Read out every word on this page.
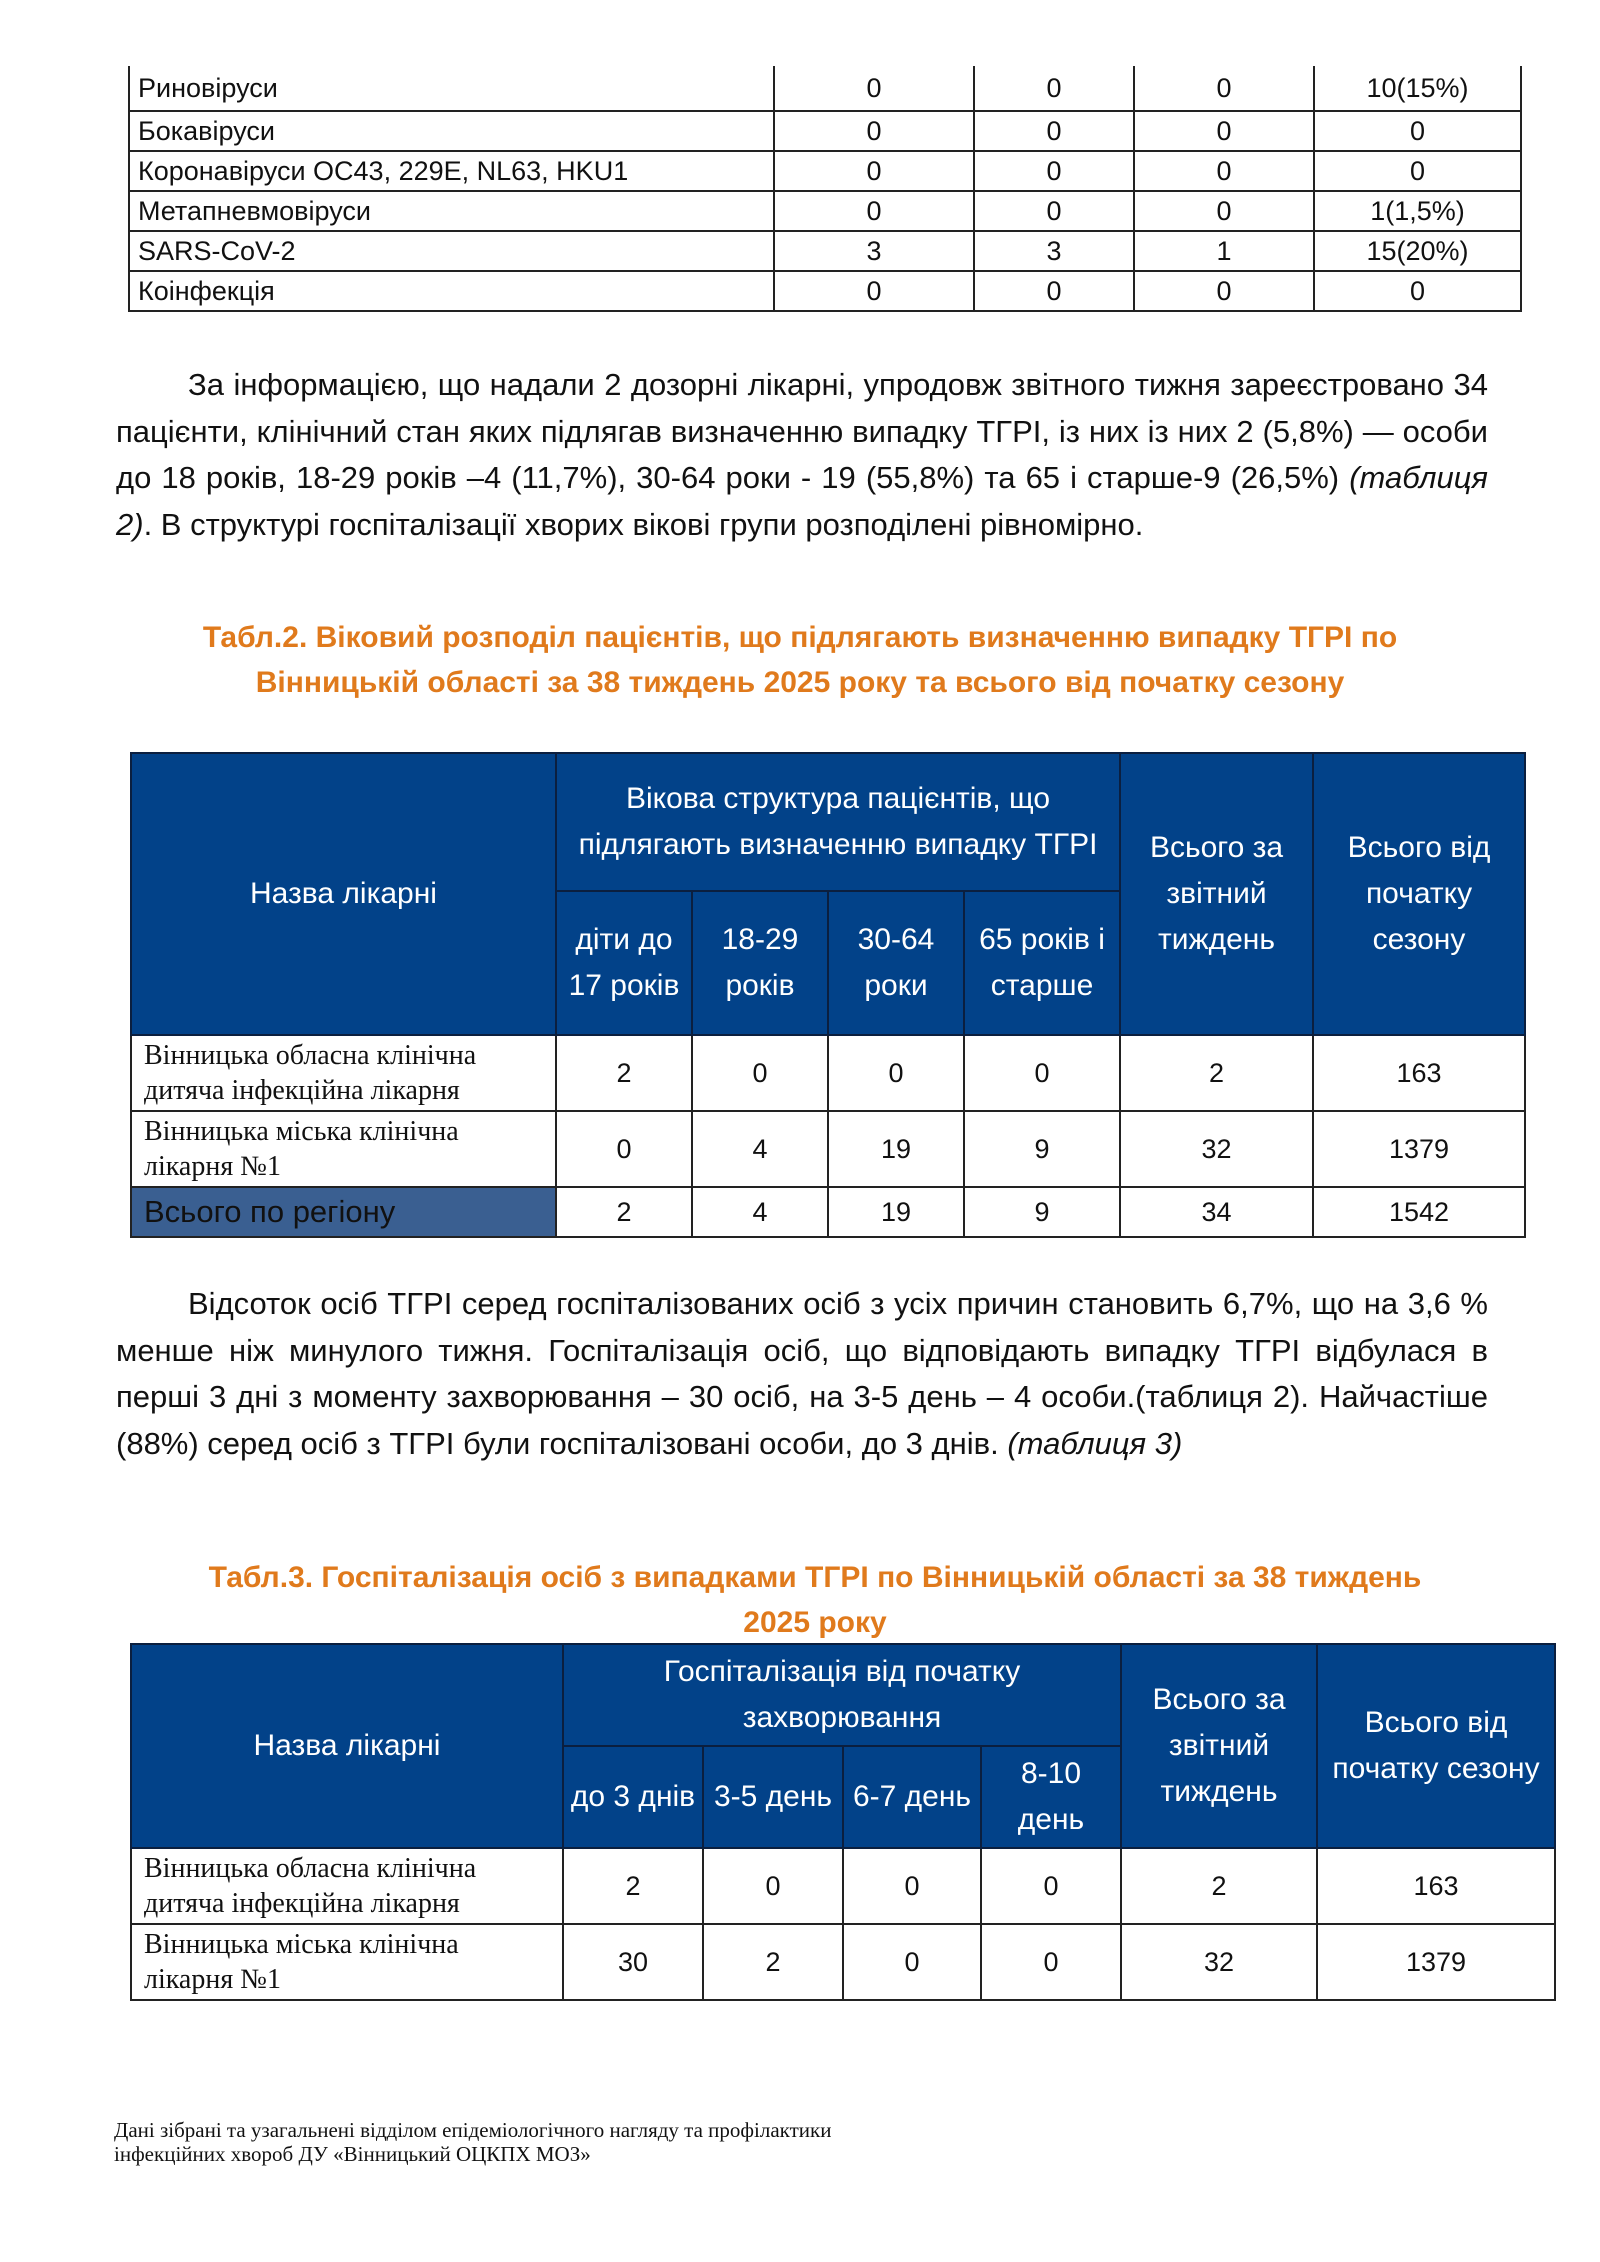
Риновіруси	0	0	0	10(15%)
Бокавіруси	0	0	0	0
Коронавіруси OC43, 229E, NL63, HKU1	0	0	0	0
Метапневмовіруси	0	0	0	1(1,5%)
SARS-CoV-2	3	3	1	15(20%)
Коінфекція	0	0	0	0

За інформацією, що надали 2 дозорні лікарні, упродовж звітного тижня зареєстровано 34 пацієнти, клінічний стан яких підлягав визначенню випадку ТГРІ, із них із них 2 (5,8%) — особи до 18 років, 18-29 років –4 (11,7%), 30-64 роки - 19 (55,8%) та 65 і старше-9 (26,5%) (таблиця 2). В структурі госпіталізації хворих вікові групи розподілені рівномірно.

Табл.2. Віковий розподіл пацієнтів, що підлягають визначенню випадку ТГРІ по
Вінницькій області за 38 тиждень 2025 року та всього від початку сезону
Назва лікарні	Вікова структура пацієнтів, що підлягають визначенню випадку ТГРІ				Всього за звітний тиждень	Всього від початку сезону
	діти до 17 років	18-29 років	30-64 роки	65 років і старше		

Вінницька обласна клінічна
дитяча інфекційна лікарня	2	0	0	0	2	163

Вінницька міська клінічна
лікарня №1	0	4	19	9	32	1379
Всього по регіону	2	4	19	9	34	1542

Відсоток осіб ТГРІ серед госпіталізованих осіб з усіх причин становить 6,7%, що на 3,6 % менше ніж минулого тижня. Госпіталізація осіб, що відповідають випадку ТГРІ відбулася в перші 3 дні з моменту захворювання – 30 осіб, на 3-5 день – 4 особи.(таблиця 2). Найчастіше (88%) серед осіб з ТГРІ були госпіталізовані особи, до 3 днів. (таблиця 3)

Табл.3. Госпіталізація осіб з випадками ТГРІ по Вінницькій області за 38 тиждень
2025 року
Назва лікарні	Госпіталізація від початку захворювання				Всього за звітний тиждень	Всього від початку сезону
	до 3 днів	3-5 день	6-7 день	8-10 день		

Вінницька обласна клінічна
дитяча інфекційна лікарня	2	0	0	0	2	163

Вінницька міська клінічна
лікарня №1	30	2	0	0	32	1379
Дані зібрані та узагальнені відділом епідеміологічного нагляду та профілактики
інфекційних хвороб ДУ «Вінницький ОЦКПХ МОЗ»
